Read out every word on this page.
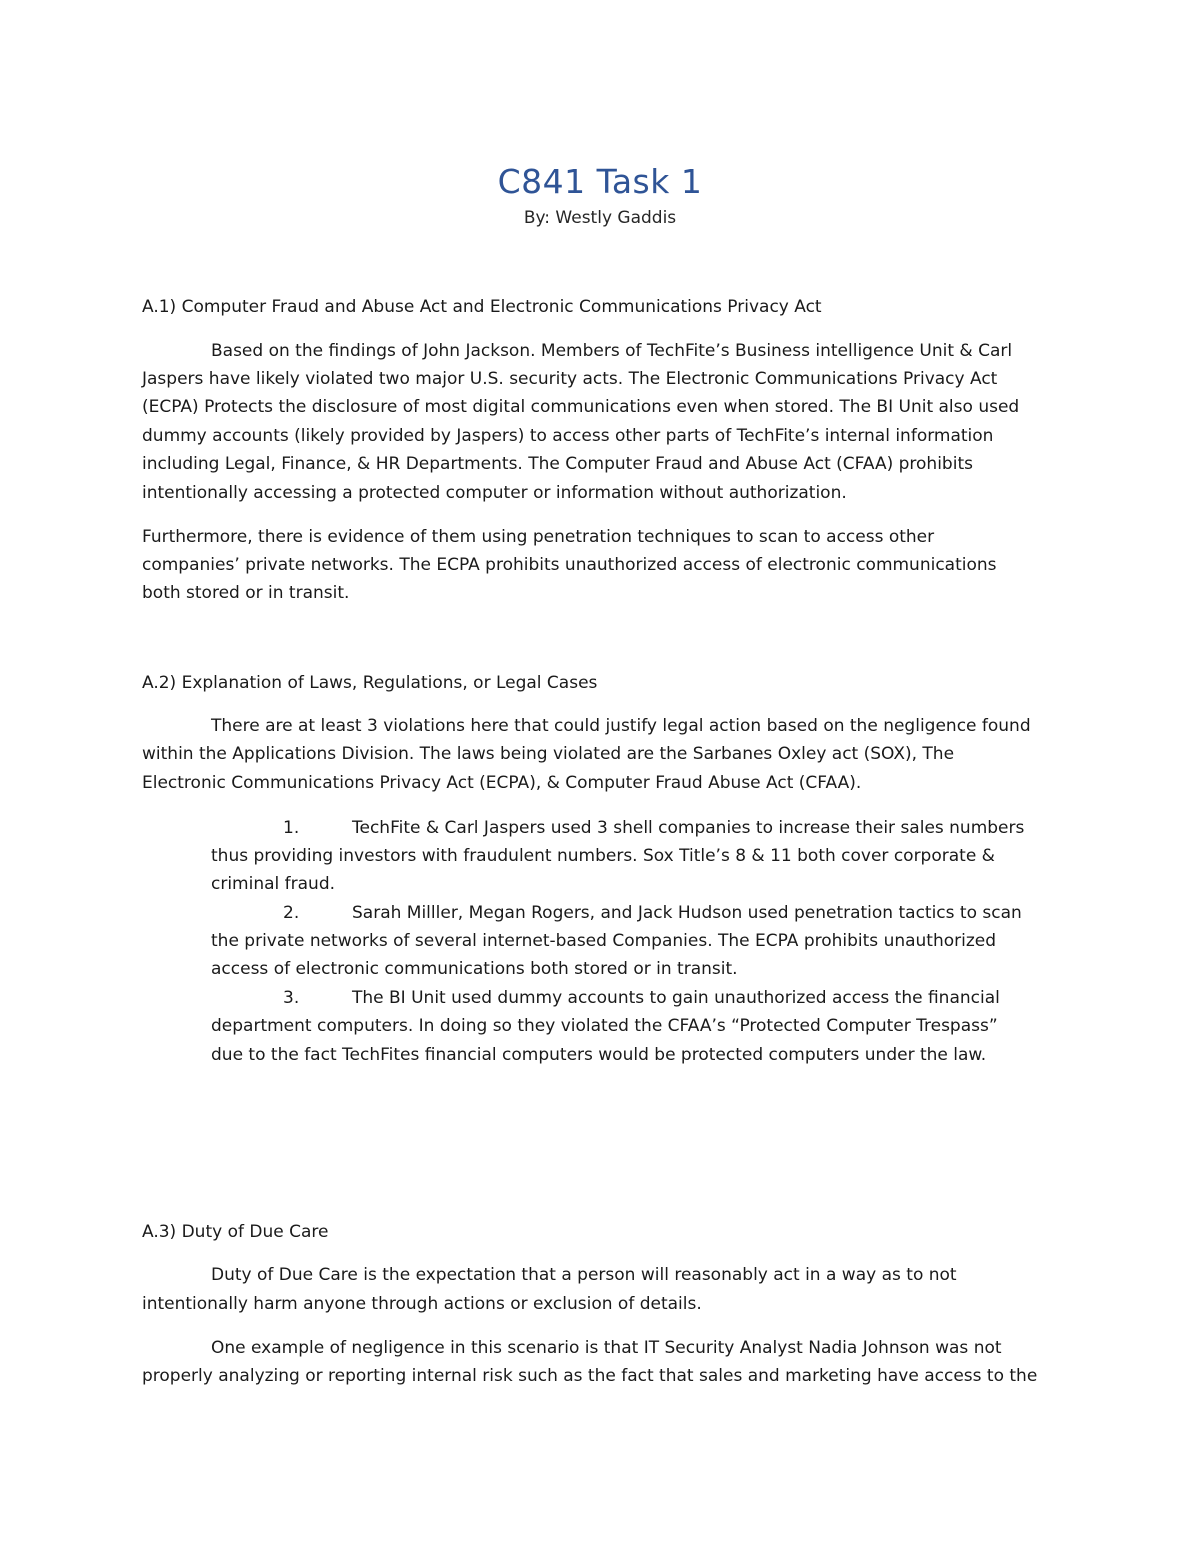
C841 Task 1
By: Westly Gaddis
A.1) Computer Fraud and Abuse Act and Electronic Communications Privacy Act
Based on the findings of John Jackson. Members of TechFite’s Business intelligence Unit & Carl
Jaspers have likely violated two major U.S. security acts. The Electronic Communications Privacy Act
(ECPA) Protects the disclosure of most digital communications even when stored. The BI Unit also used
dummy accounts (likely provided by Jaspers) to access other parts of TechFite’s internal information
including Legal, Finance, & HR Departments. The Computer Fraud and Abuse Act (CFAA) prohibits
intentionally accessing a protected computer or information without authorization.
Furthermore, there is evidence of them using penetration techniques to scan to access other
companies’ private networks. The ECPA prohibits unauthorized access of electronic communications
both stored or in transit.
A.2) Explanation of Laws, Regulations, or Legal Cases
There are at least 3 violations here that could justify legal action based on the negligence found
within the Applications Division. The laws being violated are the Sarbanes Oxley act (SOX), The
Electronic Communications Privacy Act (ECPA), & Computer Fraud Abuse Act (CFAA).
1.	TechFite & Carl Jaspers used 3 shell companies to increase their sales numbers
thus providing investors with fraudulent numbers. Sox Title’s 8 & 11 both cover corporate &
criminal fraud.
2.	Sarah Milller, Megan Rogers, and Jack Hudson used penetration tactics to scan
the private networks of several internet-based Companies. The ECPA prohibits unauthorized
access of electronic communications both stored or in transit.
3.	The BI Unit used dummy accounts to gain unauthorized access the financial
department computers. In doing so they violated the CFAA’s “Protected Computer Trespass”
due to the fact TechFites financial computers would be protected computers under the law.
A.3) Duty of Due Care
Duty of Due Care is the expectation that a person will reasonably act in a way as to not
intentionally harm anyone through actions or exclusion of details.
One example of negligence in this scenario is that IT Security Analyst Nadia Johnson was not
properly analyzing or reporting internal risk such as the fact that sales and marketing have access to the
